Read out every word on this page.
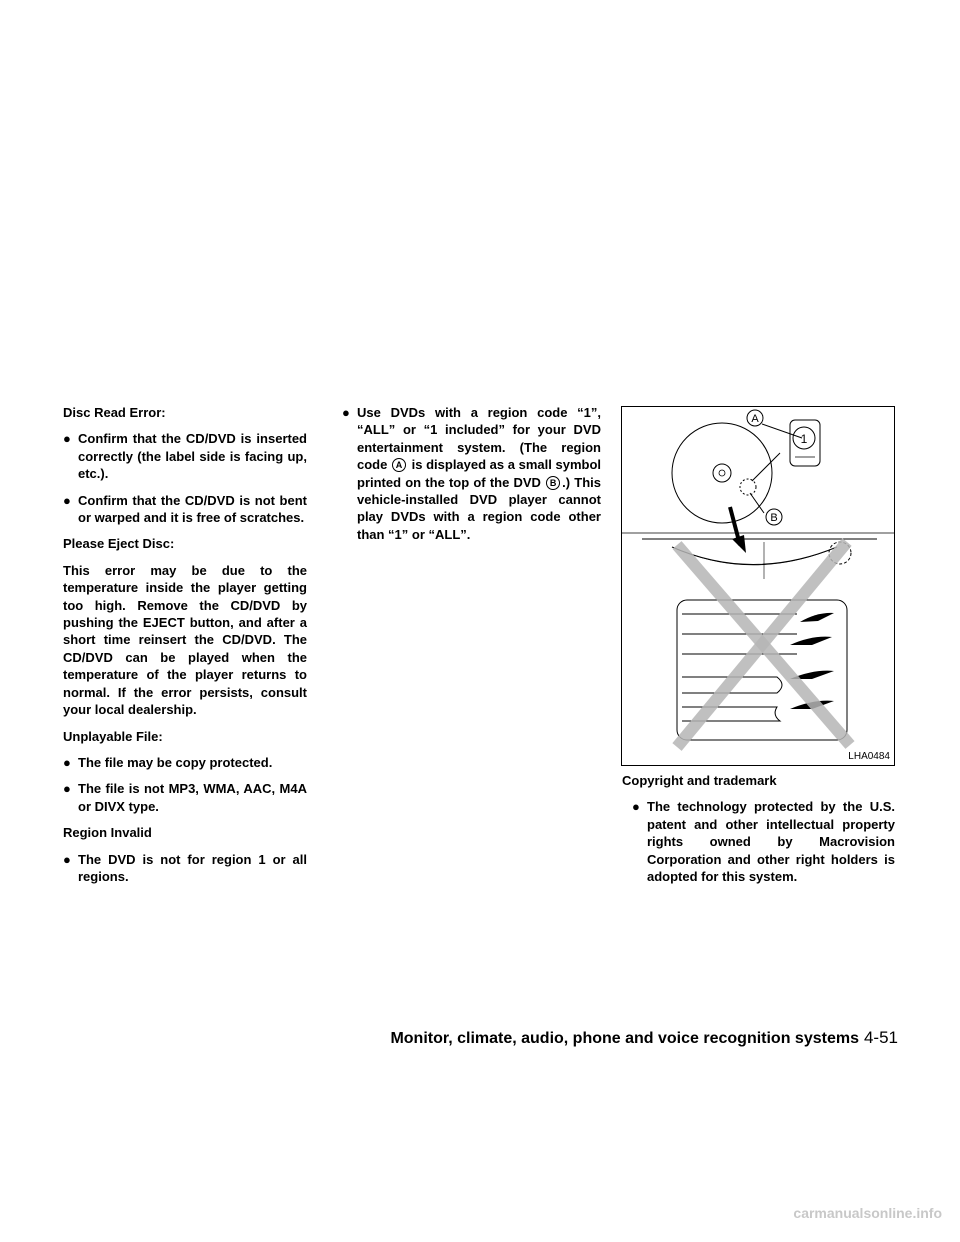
Disc Read Error:
● Confirm that the CD/DVD is inserted correctly (the label side is facing up, etc.).
● Confirm that the CD/DVD is not bent or warped and it is free of scratches.
Please Eject Disc:

This error may be due to the temperature inside the player getting too high. Remove the CD/DVD by pushing the EJECT button, and after a short time reinsert the CD/DVD. The CD/DVD can be played when the temperature of the player returns to normal. If the error persists, consult your local dealership.

Unplayable File:
● The file may be copy protected.
● The file is not MP3, WMA, AAC, M4A or DIVX type.
Region Invalid
● The DVD is not for region 1 or all regions.
● Use DVDs with a region code “1”, “ALL” or “1 included” for your DVD entertainment system. (The region code A is displayed as a small symbol printed on the top of the DVD B .) This vehicle-installed DVD player cannot play DVDs with a region code other than “1” or “ALL”.
1
A
B
LHA0484
Copyright and trademark
● The technology protected by the U.S. patent and other intellectual property rights owned by Macrovision Corporation and other right holders is adopted for this system.
Monitor, climate, audio, phone and voice recognition systems 4-51
carmanualsonline.info
